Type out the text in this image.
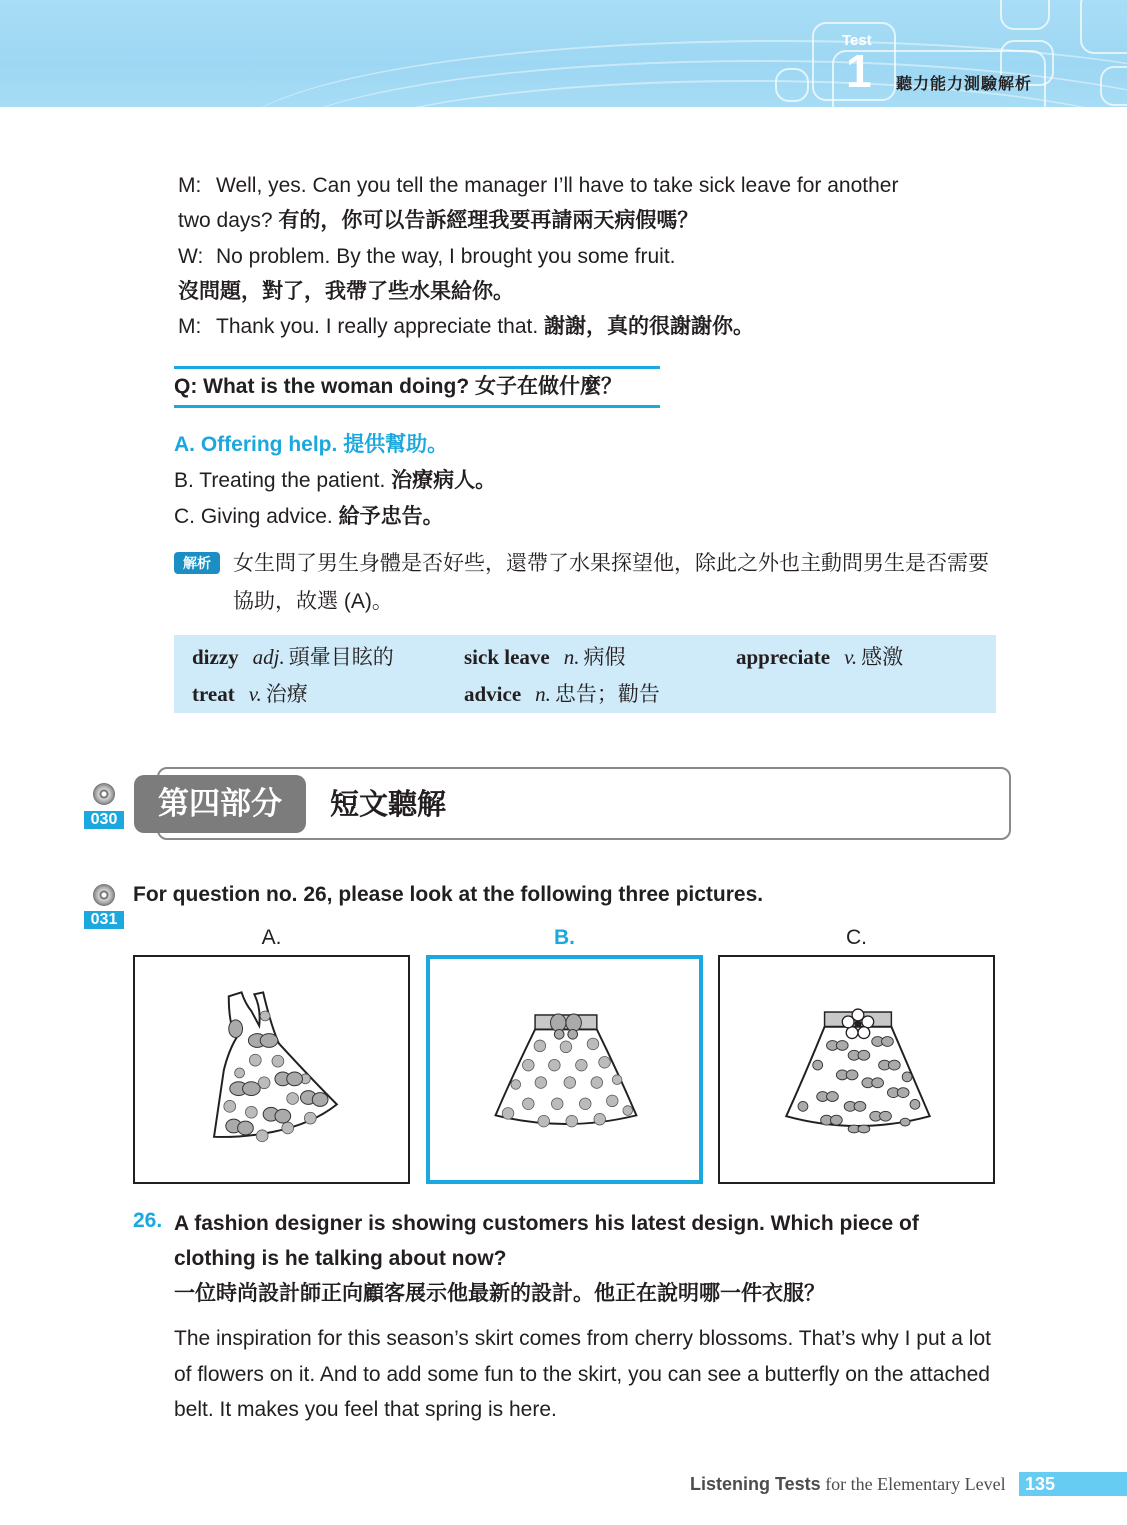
Test
1 聽力能力測驗解析
M: Well, yes. Can you tell the manager I’ll have to take sick leave for another
two days? 有的，你可以告訴經理我要再請兩天病假嗎？
W: No problem. By the way, I brought you some fruit.
沒問題，對了，我帶了些水果給你。
M: Thank you. I really appreciate that. 謝謝，真的很謝謝你。
Q: What is the woman doing? 女子在做什麼？
A. Offering help. 提供幫助。
B. Treating the patient. 治療病人。
C. Giving advice. 給予忠告。
解析	女生問了男生身體是否好些，還帶了水果探望他，除此之外也主動問男生是否需要協助，故選 (A)。
dizzy adj. 頭暈目眩的	sick leave n. 病假	appreciate v. 感激
treat v. 治療	advice n. 忠告；勸告
030	第四部分	短文聽解
031
For question no. 26, please look at the following three pictures.
A.	B.	C.
26. A fashion designer is showing customers his latest design. Which piece of clothing is he talking about now?
一位時尚設計師正向顧客展示他最新的設計。他正在說明哪一件衣服？
The inspiration for this season’s skirt comes from cherry blossoms. That’s why I put a lot of flowers on it. And to add some fun to the skirt, you can see a butterfly on the attached belt. It makes you feel that spring is here.
Listening Tests for the Elementary Level	135
